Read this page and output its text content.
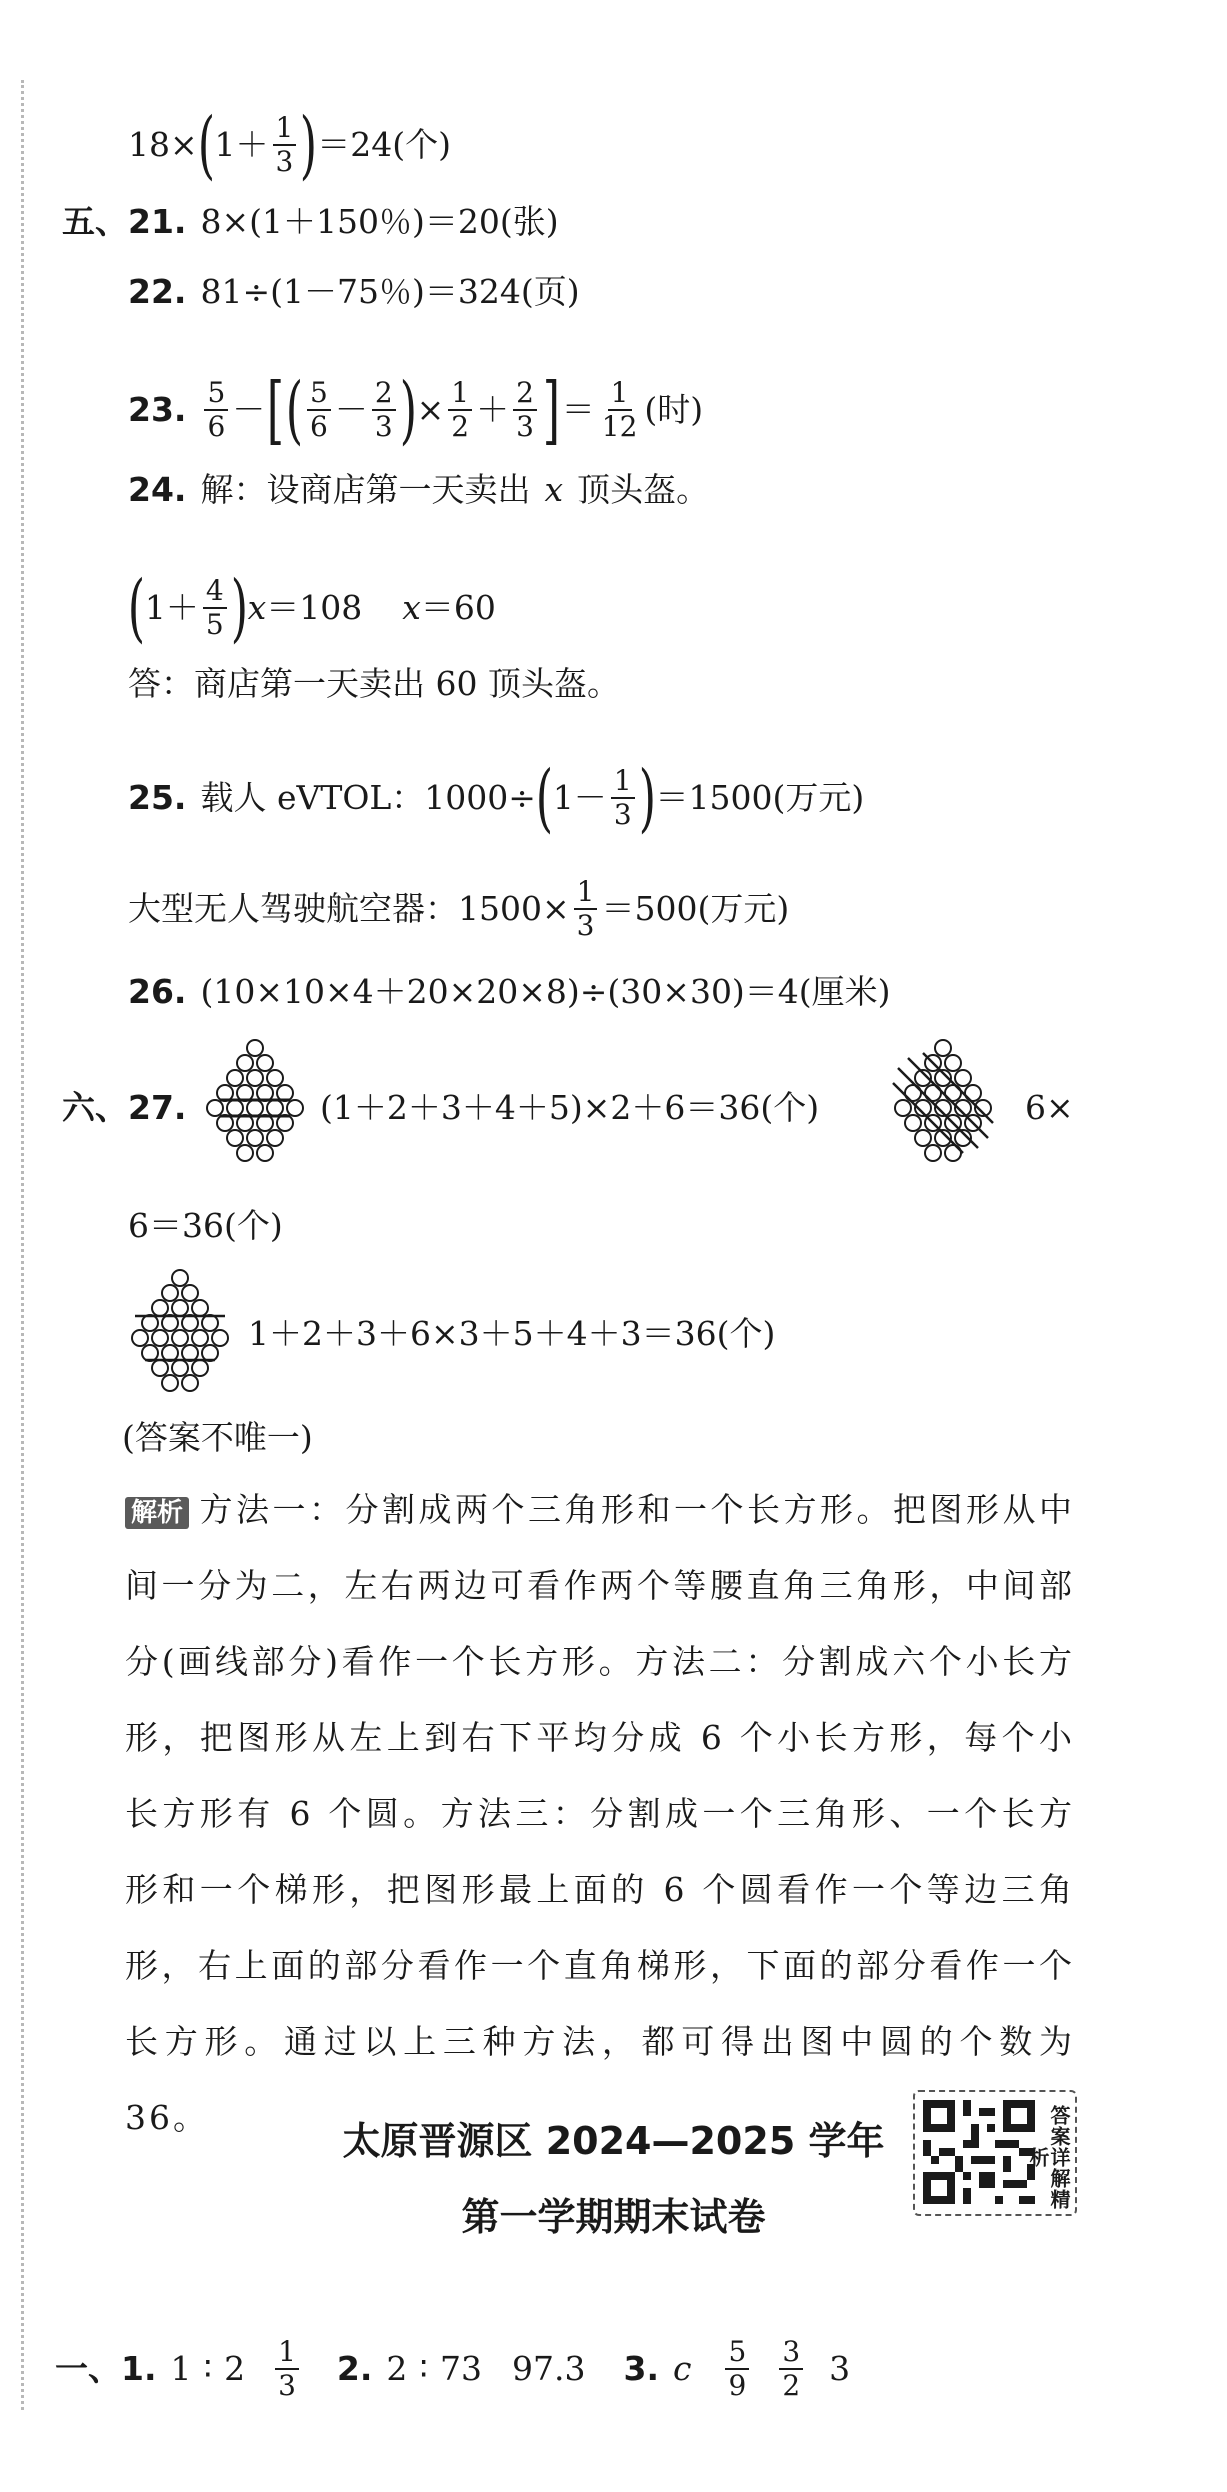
18× ( $1+ \frac{1}{3}$ ) ＝24(个)
五、 21. 8×(1＋150％)＝20(张)
22. 81÷(1－75％)＝324(页)
23. $\frac{5}{6}$ － [ ( $\frac{5}{6} - \frac{2}{3}$ ) × $\frac{1}{2} + \frac{2}{3}$ ] ＝ $\frac{1}{12}$ (时)
24. 解：设商店第一天卖出 x 顶头盔。
( $1+ \frac{4}{5}$ ) x ＝108 x ＝60
答：商店第一天卖出 60 顶头盔。
25. 载人 eVTOL：1000÷ ( $1- \frac{1}{3}$ ) ＝1500(万元)
大型无人驾驶航空器：$1500\times \frac{1}{3} =500$(万元)
26. (10×10×4＋20×20×8)÷(30×30)＝4(厘米)
六、 27.	(1＋2＋3＋4＋5)×2＋6＝36(个)	6×
6＝36(个)
1＋2＋3＋6×3＋5＋4＋3＝36(个)
(答案不唯一)
解析 方法一：分割成两个三角形和一个长方形。把图形从中间一分为二，左右两边可看作两个等腰直角三角形，中间部分(画线部分)看作一个长方形。方法二：分割成六个小长方形，把图形从左上到右下平均分成 6 个小长方形，每个小长方形有 6 个圆。方法三：分割成一个三角形、一个长方形和一个梯形，把图形最上面的 6 个圆看作一个等边三角形，右上面的部分看作一个直角梯形，下面的部分看作一个长方形。通过以上三种方法，都可得出图中圆的个数为 36。
太原晋源区 2024—2025 学年
第一学期期末试卷
答案详解精析
一、 1. 1 ∶ $2 \frac{1}{3} 2$. 2 ∶ 73 97.3 3. c $\frac{5}{9} \frac{3}{2} 3$
